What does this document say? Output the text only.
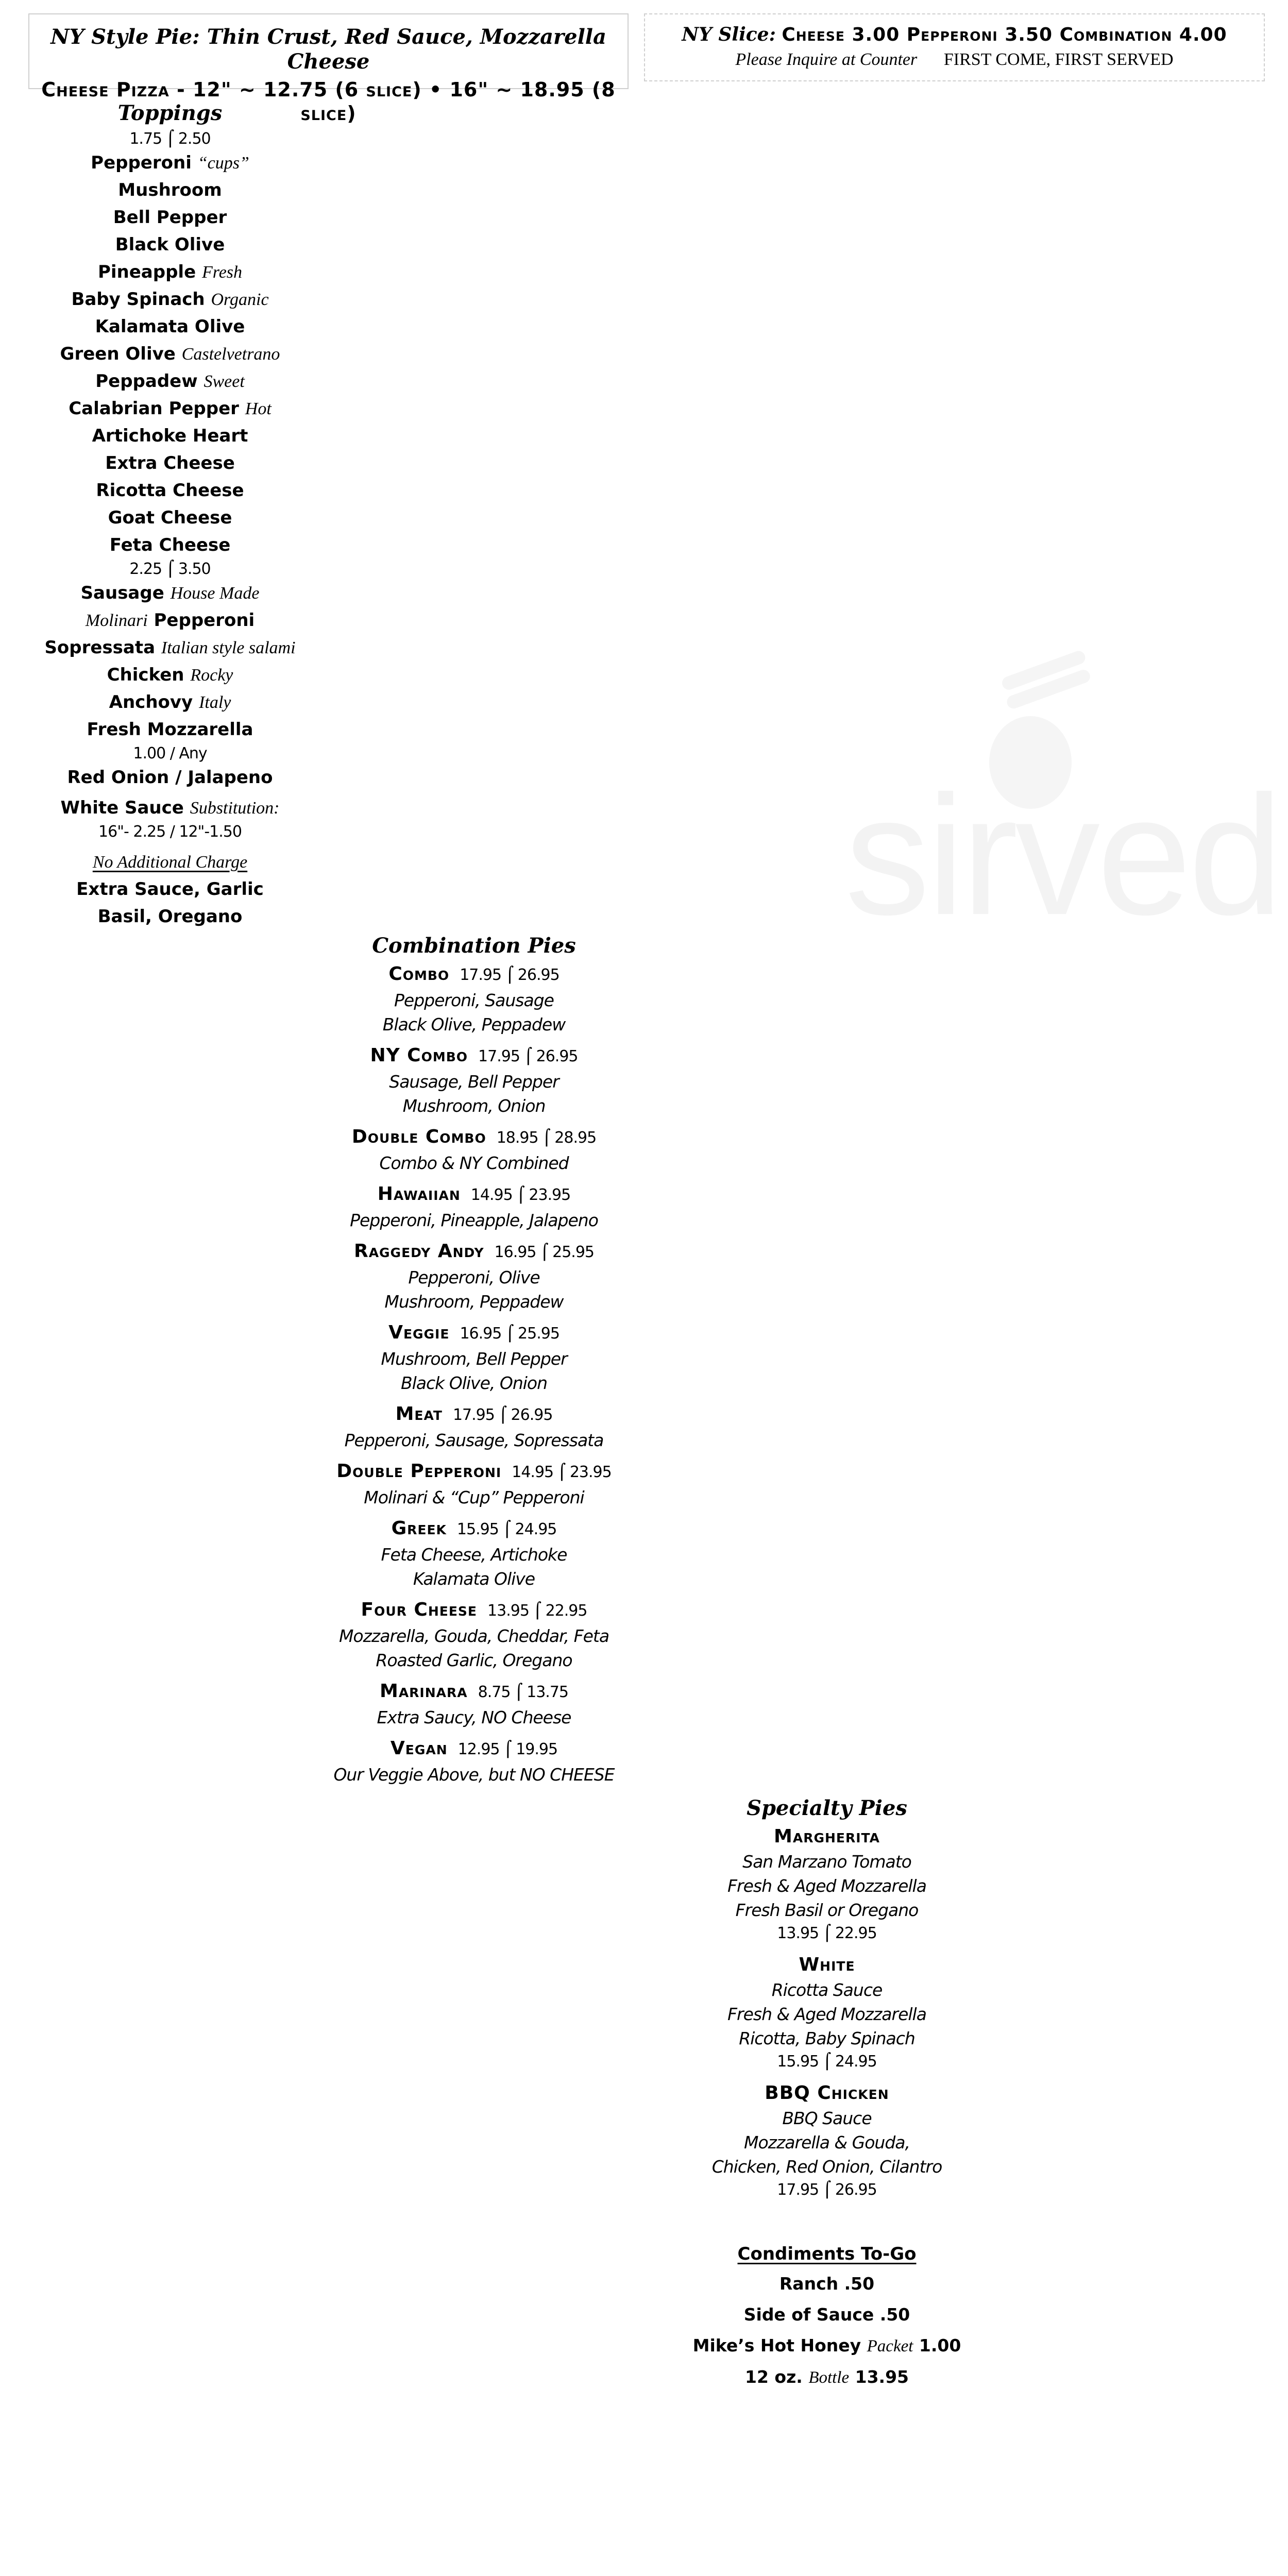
sirved
NY Style Pie: Thin Crust, Red Sauce, Mozzarella Cheese
Cheese Pizza - 12" ~ 12.75 (6 slice) • 16" ~ 18.95 (8 slice)
NY Slice: Cheese 3.00 Pepperoni 3.50 Combination 4.00
Please Inquire at Counter FIRST COME, FIRST SERVED
Toppings
1.75 ⌠ 2.50
Pepperoni “cups”
Mushroom
Bell Pepper
Black Olive
Pineapple Fresh
Baby Spinach Organic
Kalamata Olive
Green Olive Castelvetrano
Peppadew Sweet
Calabrian Pepper Hot
Artichoke Heart
Extra Cheese
Ricotta Cheese
Goat Cheese
Feta Cheese
2.25 ⌠ 3.50
Sausage House Made
Molinari Pepperoni
Sopressata Italian style salami
Chicken Rocky
Anchovy Italy
Fresh Mozzarella
1.00 / Any
Red Onion / Jalapeno
White Sauce Substitution:
16"- 2.25 / 12"-1.50
No Additional Charge
Extra Sauce, Garlic
Basil, Oregano
Combination Pies
Combo 17.95 ⌠ 26.95
Pepperoni, Sausage
Black Olive, Peppadew
NY Combo 17.95 ⌠ 26.95
Sausage, Bell Pepper
Mushroom, Onion
Double Combo 18.95 ⌠ 28.95
Combo & NY Combined
Hawaiian 14.95 ⌠ 23.95
Pepperoni, Pineapple, Jalapeno
Raggedy Andy 16.95 ⌠ 25.95
Pepperoni, Olive
Mushroom, Peppadew
Veggie 16.95 ⌠ 25.95
Mushroom, Bell Pepper
Black Olive, Onion
Meat 17.95 ⌠ 26.95
Pepperoni, Sausage, Sopressata
Double Pepperoni 14.95 ⌠ 23.95
Molinari & “Cup” Pepperoni
Greek 15.95 ⌠ 24.95
Feta Cheese, Artichoke
Kalamata Olive
Four Cheese 13.95 ⌠ 22.95
Mozzarella, Gouda, Cheddar, Feta
Roasted Garlic, Oregano
Marinara 8.75 ⌠ 13.75
Extra Saucy, NO Cheese
Vegan 12.95 ⌠ 19.95
Our Veggie Above, but NO CHEESE
Specialty Pies
Margherita
San Marzano Tomato
Fresh & Aged Mozzarella
Fresh Basil or Oregano
13.95 ⌠ 22.95
White
Ricotta Sauce
Fresh & Aged Mozzarella
Ricotta, Baby Spinach
15.95 ⌠ 24.95
BBQ Chicken
BBQ Sauce
Mozzarella & Gouda,
Chicken, Red Onion, Cilantro
17.95 ⌠ 26.95
Condiments To-Go
Ranch .50
Side of Sauce .50
Mike’s Hot Honey Packet 1.00
12 oz. Bottle 13.95
